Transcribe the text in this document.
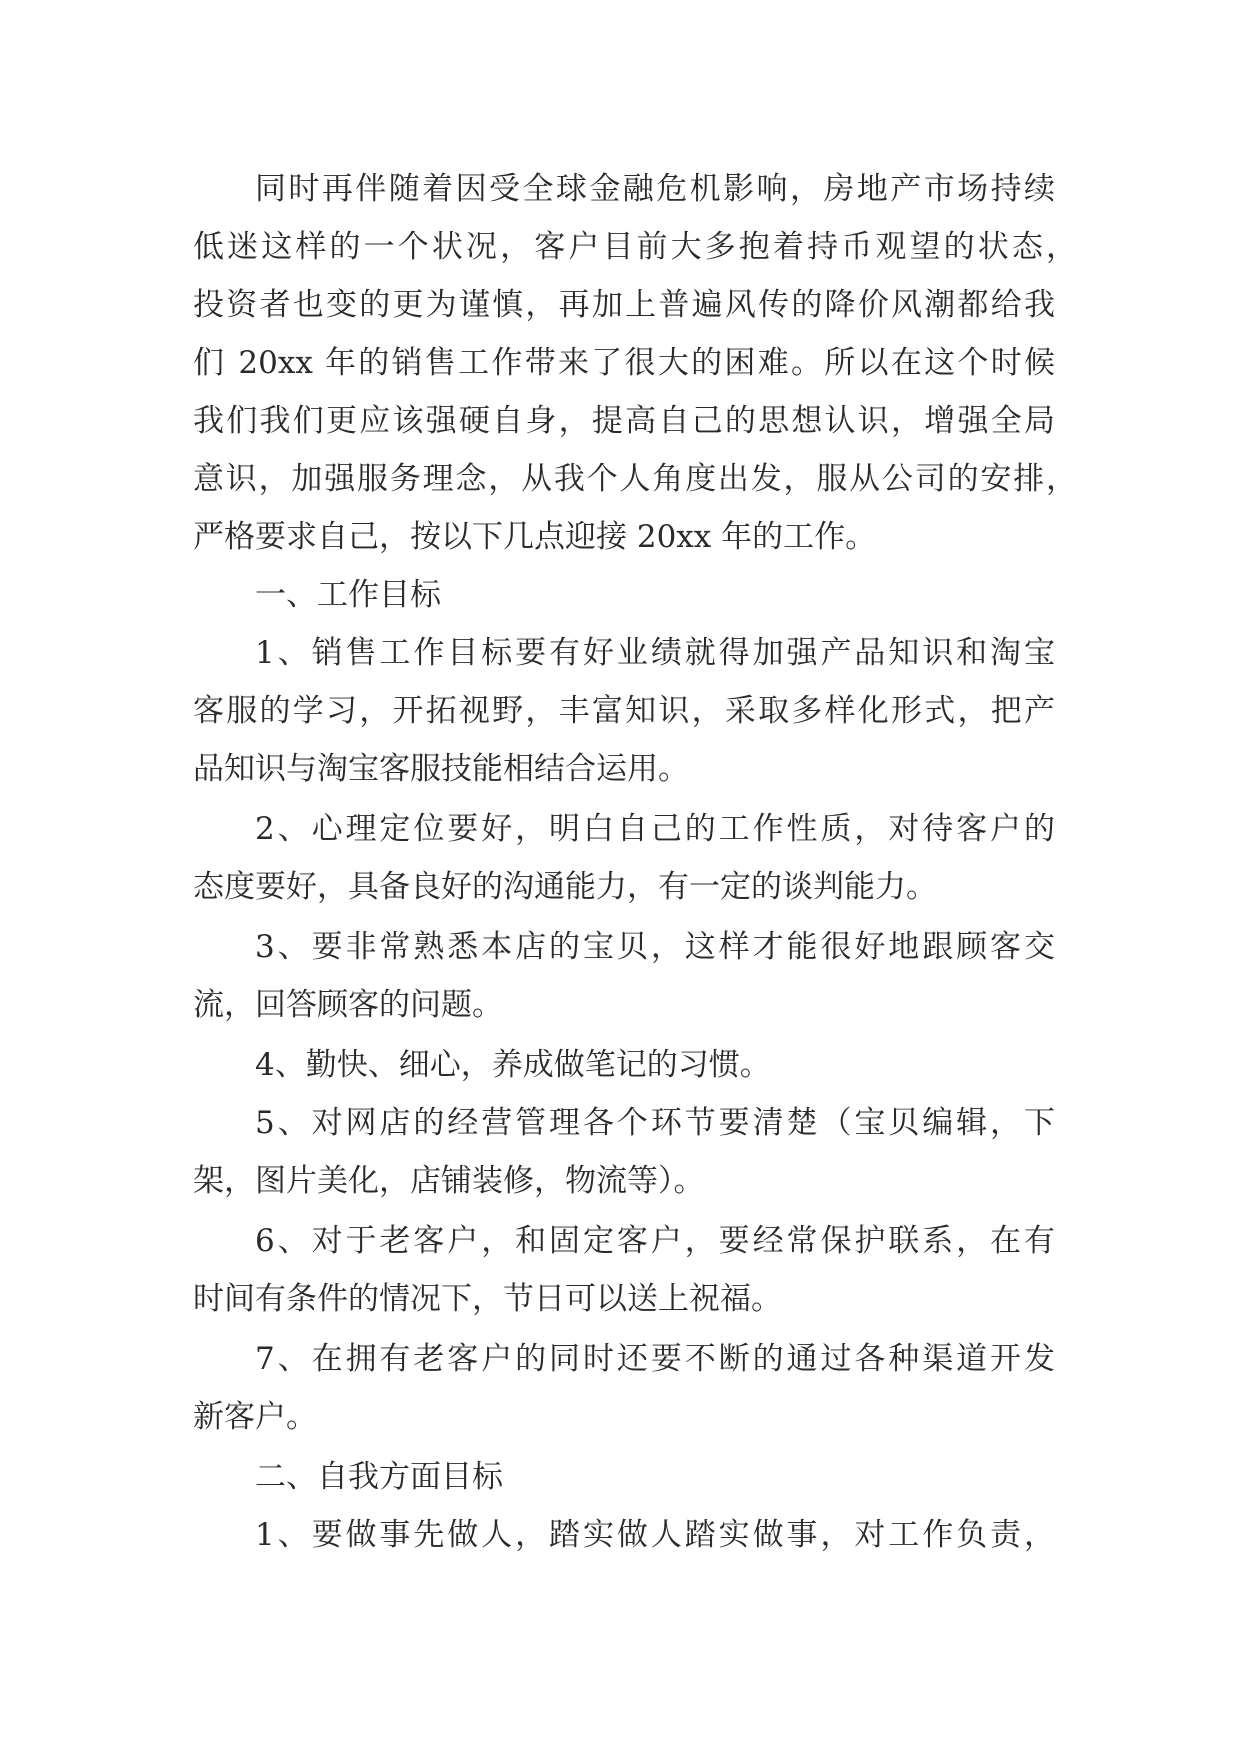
同时再伴随着因受全球金融危机影响，房地产市场持续
低迷这样的一个状况，客户目前大多抱着持币观望的状态，
投资者也变的更为谨慎，再加上普遍风传的降价风潮都给我
们 20xx 年的销售工作带来了很大的困难。所以在这个时候
我们我们更应该强硬自身，提高自己的思想认识，增强全局
意识，加强服务理念，从我个人角度出发，服从公司的安排，
严格要求自己，按以下几点迎接 20xx 年的工作。
一、工作目标
1、销售工作目标要有好业绩就得加强产品知识和淘宝
客服的学习，开拓视野，丰富知识，采取多样化形式，把产
品知识与淘宝客服技能相结合运用。
2、心理定位要好，明白自己的工作性质，对待客户的
态度要好，具备良好的沟通能力，有一定的谈判能力。
3、要非常熟悉本店的宝贝，这样才能很好地跟顾客交
流，回答顾客的问题。
4、勤快、细心，养成做笔记的习惯。
5、对网店的经营管理各个环节要清楚（宝贝编辑，下
架，图片美化，店铺装修，物流等）。
6、对于老客户，和固定客户，要经常保护联系，在有
时间有条件的情况下，节日可以送上祝福。
7、在拥有老客户的同时还要不断的通过各种渠道开发
新客户。
二、自我方面目标
1、要做事先做人，踏实做人踏实做事，对工作负责，
